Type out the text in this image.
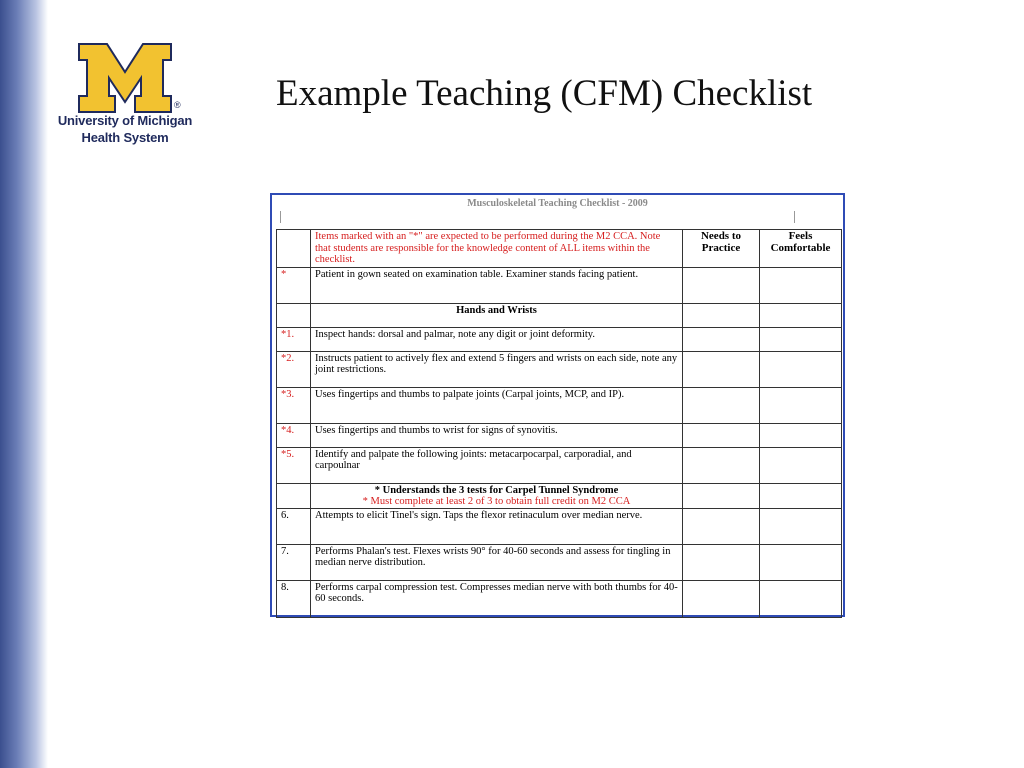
®
University of Michigan
Health System
Example Teaching (CFM) Checklist
Musculoskeletal Teaching Checklist - 2009
	Items marked with an "*" are expected to be performed during the M2 CCA. Note that students are responsible for the knowledge content of ALL items within the checklist.	Needs to Practice	Feels Comfortable
*	Patient in gown seated on examination table. Examiner stands facing patient.		
	Hands and Wrists		
*1.	Inspect hands: dorsal and palmar, note any digit or joint deformity.		
*2.	Instructs patient to actively flex and extend 5 fingers and wrists on each side, note any joint restrictions.		
*3.	Uses fingertips and thumbs to palpate joints (Carpal joints, MCP, and IP).		
*4.	Uses fingertips and thumbs to wrist for signs of synovitis.		
*5.	Identify and palpate the following joints: metacarpocarpal, carporadial, and carpoulnar		

	* Understands the 3 tests for Carpel Tunnel Syndrome
* Must complete at least 2 of 3 to obtain full credit on M2 CCA		

6.	Attempts to elicit Tinel's sign. Taps the flexor retinaculum over median nerve.		
7.	Performs Phalan's test. Flexes wrists 90° for 40-60 seconds and assess for tingling in median nerve distribution.		
8.	Performs carpal compression test. Compresses median nerve with both thumbs for 40-60 seconds.		
